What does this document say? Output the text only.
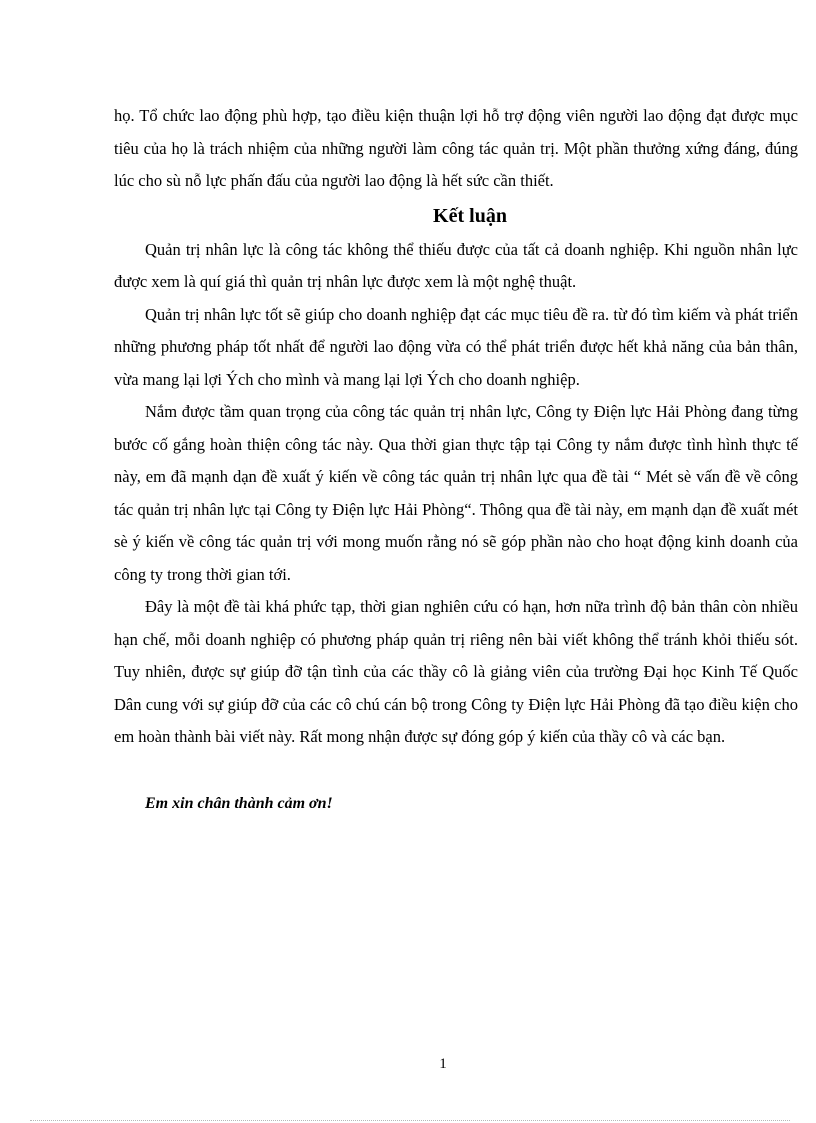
họ. Tổ chức lao động phù hợp, tạo điều kiện thuận lợi hỗ trợ động viên người lao động đạt được mục tiêu của họ là trách nhiệm của những người làm công tác quản trị. Một phần thưởng xứng đáng, đúng lúc cho sù nỗ lực phấn đấu của người lao động là hết sức cần thiết.

Kết luận

Quản trị nhân lực là công tác không thể thiếu được của tất cả doanh nghiệp. Khi nguồn nhân lực được xem là quí giá thì quản trị nhân lực được xem là một nghệ thuật.

Quản trị nhân lực tốt sẽ giúp cho doanh nghiệp đạt các mục tiêu đề ra. từ đó tìm kiếm và phát triển những phương pháp tốt nhất để người lao động vừa có thể phát triển được hết khả năng của bản thân, vừa mang lại lợi Ých cho mình và mang lại lợi Ých cho doanh nghiệp.

Nắm được tầm quan trọng của công tác quản trị nhân lực, Công ty Điện lực Hải Phòng đang từng bước cố gắng hoàn thiện công tác này. Qua thời gian thực tập tại Công ty nắm được tình hình thực tế này, em đã mạnh dạn đề xuất ý kiến về công tác quản trị nhân lực qua đề tài “ Mét sè vấn đề về công tác quản trị nhân lực tại Công ty Điện lực Hải Phòng“. Thông qua đề tài này, em mạnh dạn đề xuất mét sè ý kiến về công tác quản trị với mong muốn rằng nó sẽ góp phần nào cho hoạt động kinh doanh của công ty trong thời gian tới.

Đây là một đề tài khá phức tạp, thời gian nghiên cứu có hạn, hơn nữa trình độ bản thân còn nhiều hạn chế, mỗi doanh nghiệp có phương pháp quản trị riêng nên bài viết không thể tránh khỏi thiếu sót. Tuy nhiên, được sự giúp đỡ tận tình của các thầy cô là giảng viên của trường Đại học Kinh Tế Quốc Dân cung với sự giúp đỡ của các cô chú cán bộ trong Công ty Điện lực Hải Phòng đã tạo điều kiện cho em hoàn thành bài viết này. Rất mong nhận được sự đóng góp ý kiến của thầy cô và các bạn.

Em xin chân thành cảm ơn!

1
